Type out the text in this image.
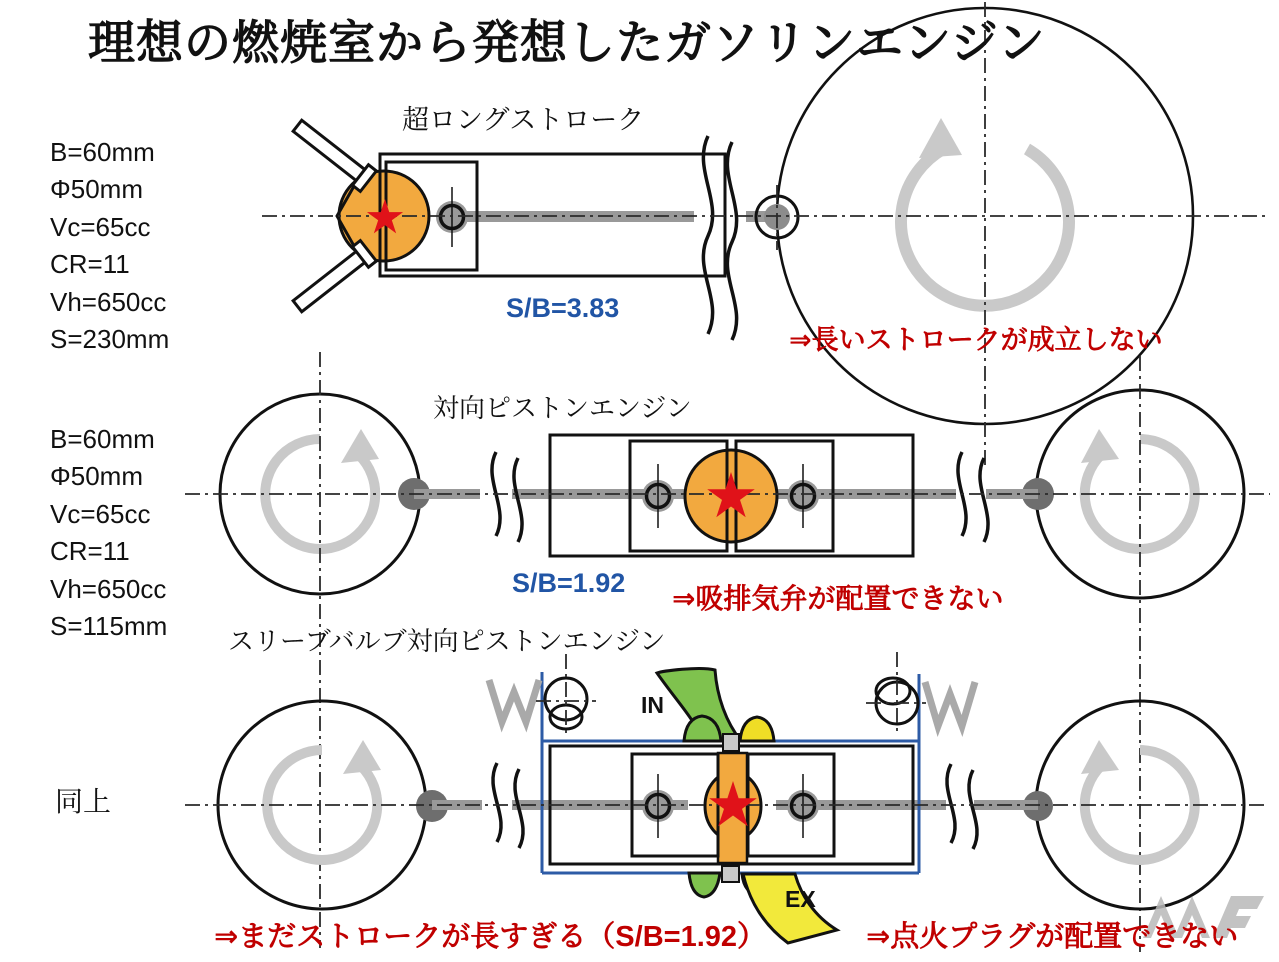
理想の燃焼室から発想したガソリンエンジン
超ロングストローク
B=60mm
Φ50mm
Vc=65cc
CR=11
Vh=650cc
S=230mm
S/B=3.83
⇒長いストロークが成立しない
対向ピストンエンジン
B=60mm
Φ50mm
Vc=65cc
CR=11
Vh=650cc
S=115mm
S/B=1.92 ⇒吸排気弁が配置できない
スリーブバルブ対向ピストンエンジン
同上
IN
EX
⇒まだストロークが長すぎる（S/B=1.92）	⇒点火プラグが配置できない
